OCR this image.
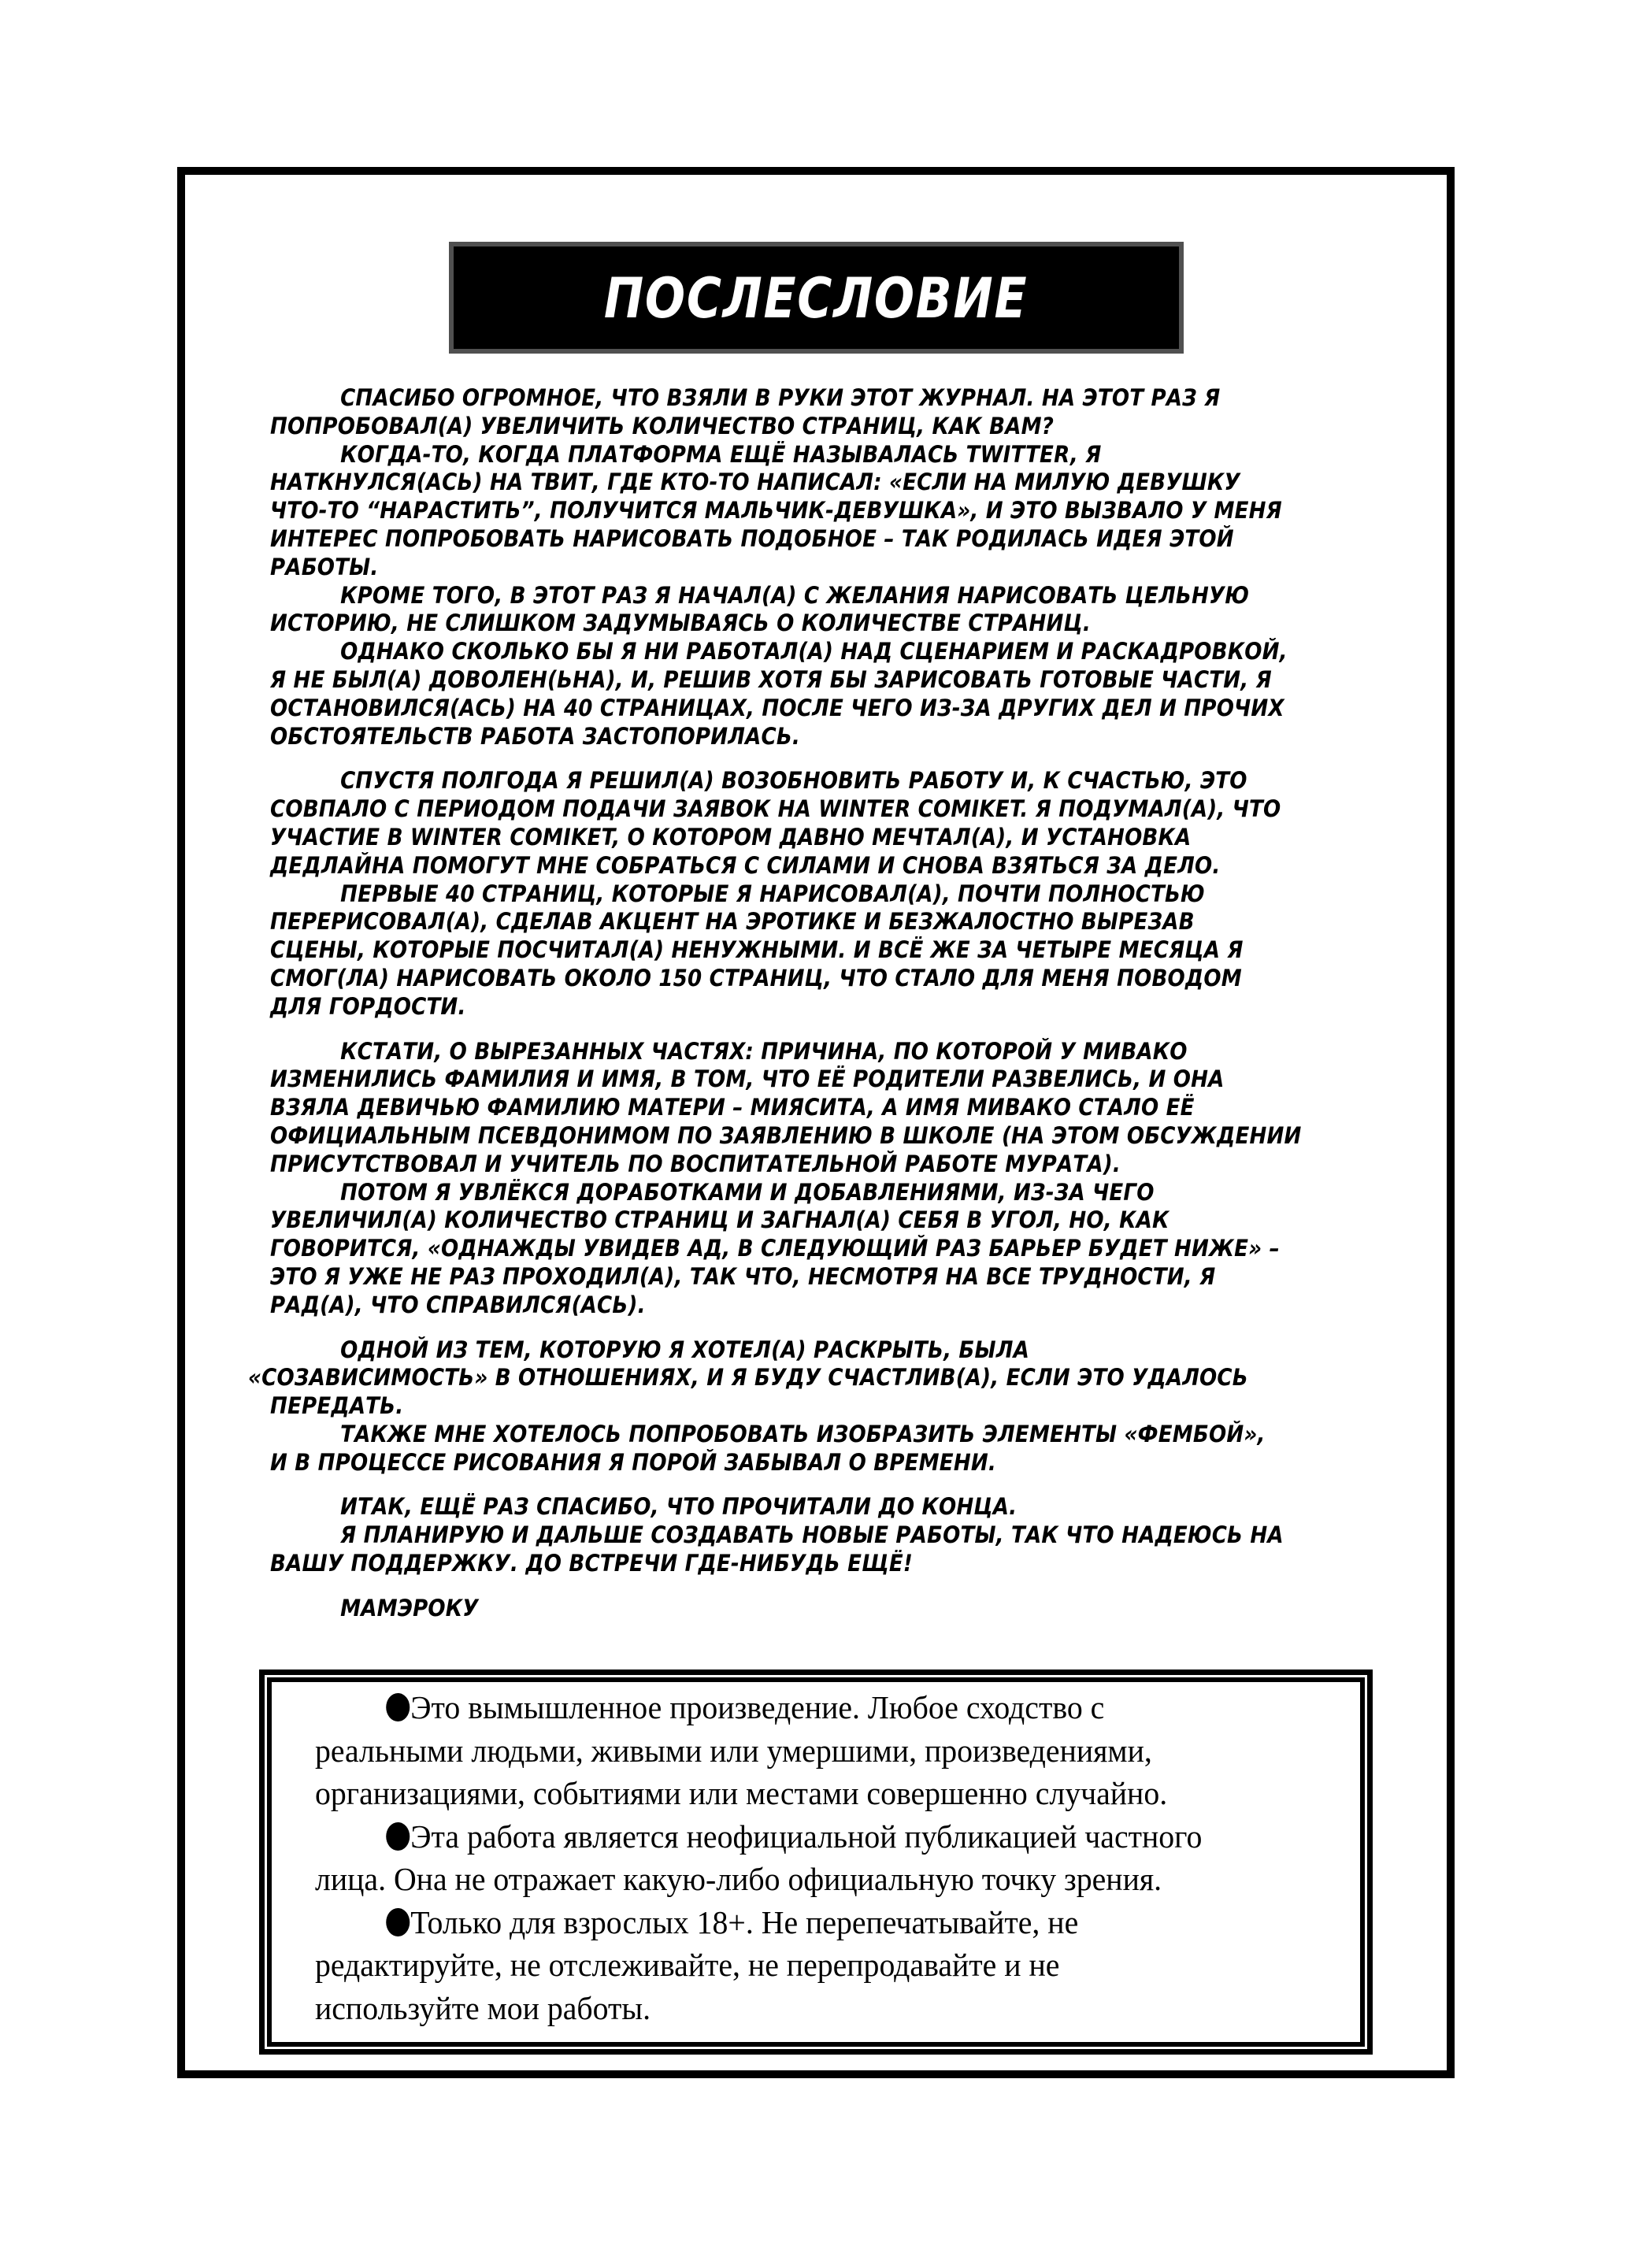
ПОСЛЕСЛОВИЕ
СПАСИБО ОГРОМНОЕ, ЧТО ВЗЯЛИ В РУКИ ЭТОТ ЖУРНАЛ. НА ЭТОТ РАЗ Я
ПОПРОБОВАЛ(А) УВЕЛИЧИТЬ КОЛИЧЕСТВО СТРАНИЦ, КАК ВАМ?
КОГДА-ТО, КОГДА ПЛАТФОРМА ЕЩЁ НАЗЫВАЛАСЬ TWITTER, Я
НАТКНУЛСЯ(АСЬ) НА ТВИТ, ГДЕ КТО-ТО НАПИСАЛ: «ЕСЛИ НА МИЛУЮ ДЕВУШКУ
ЧТО-ТО “НАРАСТИТЬ”, ПОЛУЧИТСЯ МАЛЬЧИК-ДЕВУШКА», И ЭТО ВЫЗВАЛО У МЕНЯ
ИНТЕРЕС ПОПРОБОВАТЬ НАРИСОВАТЬ ПОДОБНОЕ – ТАК РОДИЛАСЬ ИДЕЯ ЭТОЙ
РАБОТЫ.
КРОМЕ ТОГО, В ЭТОТ РАЗ Я НАЧАЛ(А) С ЖЕЛАНИЯ НАРИСОВАТЬ ЦЕЛЬНУЮ
ИСТОРИЮ, НЕ СЛИШКОМ ЗАДУМЫВАЯСЬ О КОЛИЧЕСТВЕ СТРАНИЦ.
ОДНАКО СКОЛЬКО БЫ Я НИ РАБОТАЛ(А) НАД СЦЕНАРИЕМ И РАСКАДРОВКОЙ,
Я НЕ БЫЛ(А) ДОВОЛЕН(ЬНА), И, РЕШИВ ХОТЯ БЫ ЗАРИСОВАТЬ ГОТОВЫЕ ЧАСТИ, Я
ОСТАНОВИЛСЯ(АСЬ) НА 40 СТРАНИЦАХ, ПОСЛЕ ЧЕГО ИЗ-ЗА ДРУГИХ ДЕЛ И ПРОЧИХ
ОБСТОЯТЕЛЬСТВ РАБОТА ЗАСТОПОРИЛАСЬ.
СПУСТЯ ПОЛГОДА Я РЕШИЛ(А) ВОЗОБНОВИТЬ РАБОТУ И, К СЧАСТЬЮ, ЭТО
СОВПАЛО С ПЕРИОДОМ ПОДАЧИ ЗАЯВОК НА WINTER COMIKET. Я ПОДУМАЛ(А), ЧТО
УЧАСТИЕ В WINTER COMIKET, О КОТОРОМ ДАВНО МЕЧТАЛ(А), И УСТАНОВКА
ДЕДЛАЙНА ПОМОГУТ МНЕ СОБРАТЬСЯ С СИЛАМИ И СНОВА ВЗЯТЬСЯ ЗА ДЕЛО.
ПЕРВЫЕ 40 СТРАНИЦ, КОТОРЫЕ Я НАРИСОВАЛ(А), ПОЧТИ ПОЛНОСТЬЮ
ПЕРЕРИСОВАЛ(А), СДЕЛАВ АКЦЕНТ НА ЭРОТИКЕ И БЕЗЖАЛОСТНО ВЫРЕЗАВ
СЦЕНЫ, КОТОРЫЕ ПОСЧИТАЛ(А) НЕНУЖНЫМИ. И ВСЁ ЖЕ ЗА ЧЕТЫРЕ МЕСЯЦА Я
СМОГ(ЛА) НАРИСОВАТЬ ОКОЛО 150 СТРАНИЦ, ЧТО СТАЛО ДЛЯ МЕНЯ ПОВОДОМ
ДЛЯ ГОРДОСТИ.
КСТАТИ, О ВЫРЕЗАННЫХ ЧАСТЯХ: ПРИЧИНА, ПО КОТОРОЙ У МИВАКО
ИЗМЕНИЛИСЬ ФАМИЛИЯ И ИМЯ, В ТОМ, ЧТО ЕЁ РОДИТЕЛИ РАЗВЕЛИСЬ, И ОНА
ВЗЯЛА ДЕВИЧЬЮ ФАМИЛИЮ МАТЕРИ – МИЯСИТА, А ИМЯ МИВАКО СТАЛО ЕЁ
ОФИЦИАЛЬНЫМ ПСЕВДОНИМОМ ПО ЗАЯВЛЕНИЮ В ШКОЛЕ (НА ЭТОМ ОБСУЖДЕНИИ
ПРИСУТСТВОВАЛ И УЧИТЕЛЬ ПО ВОСПИТАТЕЛЬНОЙ РАБОТЕ МУРАТА).
ПОТОМ Я УВЛЁКСЯ ДОРАБОТКАМИ И ДОБАВЛЕНИЯМИ, ИЗ-ЗА ЧЕГО
УВЕЛИЧИЛ(А) КОЛИЧЕСТВО СТРАНИЦ И ЗАГНАЛ(А) СЕБЯ В УГОЛ, НО, КАК
ГОВОРИТСЯ, «ОДНАЖДЫ УВИДЕВ АД, В СЛЕДУЮЩИЙ РАЗ БАРЬЕР БУДЕТ НИЖЕ» –
ЭТО Я УЖЕ НЕ РАЗ ПРОХОДИЛ(А), ТАК ЧТО, НЕСМОТРЯ НА ВСЕ ТРУДНОСТИ, Я
РАД(А), ЧТО СПРАВИЛСЯ(АСЬ).
ОДНОЙ ИЗ ТЕМ, КОТОРУЮ Я ХОТЕЛ(А) РАСКРЫТЬ, БЫЛА
«СОЗАВИСИМОСТЬ» В ОТНОШЕНИЯХ, И Я БУДУ СЧАСТЛИВ(А), ЕСЛИ ЭТО УДАЛОСЬ
ПЕРЕДАТЬ.
ТАКЖЕ МНЕ ХОТЕЛОСЬ ПОПРОБОВАТЬ ИЗОБРАЗИТЬ ЭЛЕМЕНТЫ «ФЕМБОЙ»,
И В ПРОЦЕССЕ РИСОВАНИЯ Я ПОРОЙ ЗАБЫВАЛ О ВРЕМЕНИ.
ИТАК, ЕЩЁ РАЗ СПАСИБО, ЧТО ПРОЧИТАЛИ ДО КОНЦА.
Я ПЛАНИРУЮ И ДАЛЬШЕ СОЗДАВАТЬ НОВЫЕ РАБОТЫ, ТАК ЧТО НАДЕЮСЬ НА
ВАШУ ПОДДЕРЖКУ. ДО ВСТРЕЧИ ГДЕ-НИБУДЬ ЕЩЁ!
МАМЭРОКУ
Это вымышленное произведение. Любое сходство с
реальными людьми, живыми или умершими, произведениями,
организациями, событиями или местами совершенно случайно.
Эта работа является неофициальной публикацией частного
лица. Она не отражает какую-либо официальную точку зрения.
Только для взрослых 18+. Не перепечатывайте, не
редактируйте, не отслеживайте, не перепродавайте и не
используйте мои работы.
